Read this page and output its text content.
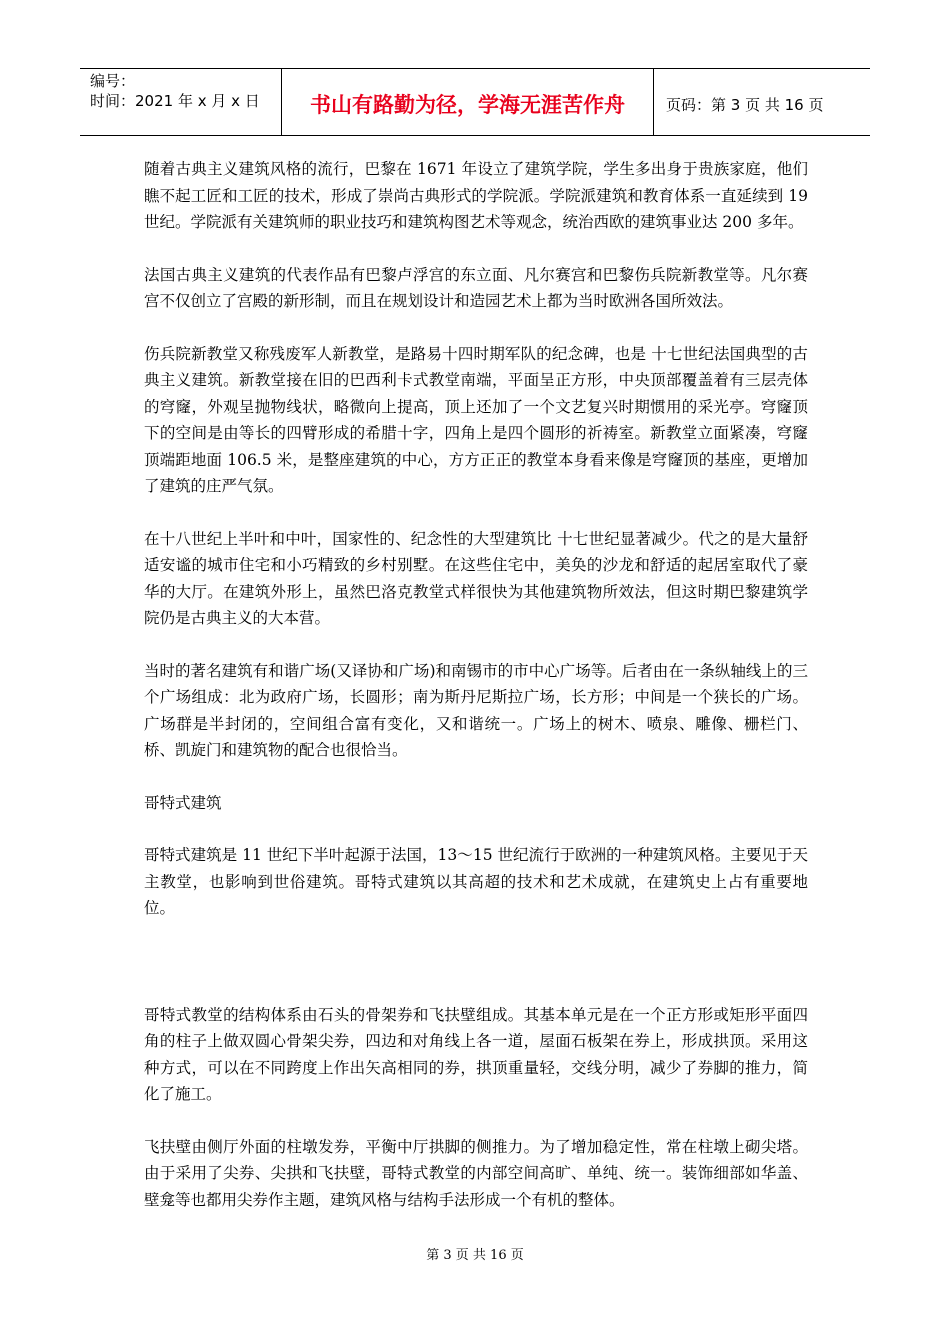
编号：
时间：2021 年 x 月 x 日	书山有路勤为径，学海无涯苦作舟	页码：第 3 页 共 16 页

随着古典主义建筑风格的流行，巴黎在 1671 年设立了建筑学院，学生多出身于贵族家庭，他们瞧不起工匠和工匠的技术，形成了崇尚古典形式的学院派。学院派建筑和教育体系一直延续到 19 世纪。学院派有关建筑师的职业技巧和建筑构图艺术等观念，统治西欧的建筑事业达 200 多年。

法国古典主义建筑的代表作品有巴黎卢浮宫的东立面、凡尔赛宫和巴黎伤兵院新教堂等。凡尔赛宫不仅创立了宫殿的新形制，而且在规划设计和造园艺术上都为当时欧洲各国所效法。

伤兵院新教堂又称残废军人新教堂，是路易十四时期军队的纪念碑，也是 十七世纪法国典型的古典主义建筑。新教堂接在旧的巴西利卡式教堂南端，平面呈正方形，中央顶部覆盖着有三层壳体的穹窿，外观呈抛物线状，略微向上提高，顶上还加了一个文艺复兴时期惯用的采光亭。穹窿顶下的空间是由等长的四臂形成的希腊十字，四角上是四个圆形的祈祷室。新教堂立面紧凑，穹窿顶端距地面 106.5 米，是整座建筑的中心，方方正正的教堂本身看来像是穹窿顶的基座，更增加了建筑的庄严气氛。

在十八世纪上半叶和中叶，国家性的、纪念性的大型建筑比 十七世纪显著减少。代之的是大量舒适安谧的城市住宅和小巧精致的乡村别墅。在这些住宅中，美奂的沙龙和舒适的起居室取代了豪华的大厅。在建筑外形上，虽然巴洛克教堂式样很快为其他建筑物所效法，但这时期巴黎建筑学院仍是古典主义的大本营。

当时的著名建筑有和谐广场(又译协和广场)和南锡市的市中心广场等。后者由在一条纵轴线上的三个广场组成：北为政府广场，长圆形；南为斯丹尼斯拉广场，长方形；中间是一个狭长的广场。广场群是半封闭的，空间组合富有变化，又和谐统一。广场上的树木、喷泉、雕像、栅栏门、桥、凯旋门和建筑物的配合也很恰当。

哥特式建筑

哥特式建筑是 11 世纪下半叶起源于法国，13～15 世纪流行于欧洲的一种建筑风格。主要见于天主教堂，也影响到世俗建筑。哥特式建筑以其高超的技术和艺术成就，在建筑史上占有重要地位。

哥特式教堂的结构体系由石头的骨架券和飞扶壁组成。其基本单元是在一个正方形或矩形平面四角的柱子上做双圆心骨架尖券，四边和对角线上各一道，屋面石板架在券上，形成拱顶。采用这种方式，可以在不同跨度上作出矢高相同的券，拱顶重量轻，交线分明，减少了券脚的推力，简化了施工。

飞扶壁由侧厅外面的柱墩发券，平衡中厅拱脚的侧推力。为了增加稳定性，常在柱墩上砌尖塔。由于采用了尖券、尖拱和飞扶壁，哥特式教堂的内部空间高旷、单纯、统一。装饰细部如华盖、壁龛等也都用尖券作主题，建筑风格与结构手法形成一个有机的整体。

第 3 页 共 16 页
